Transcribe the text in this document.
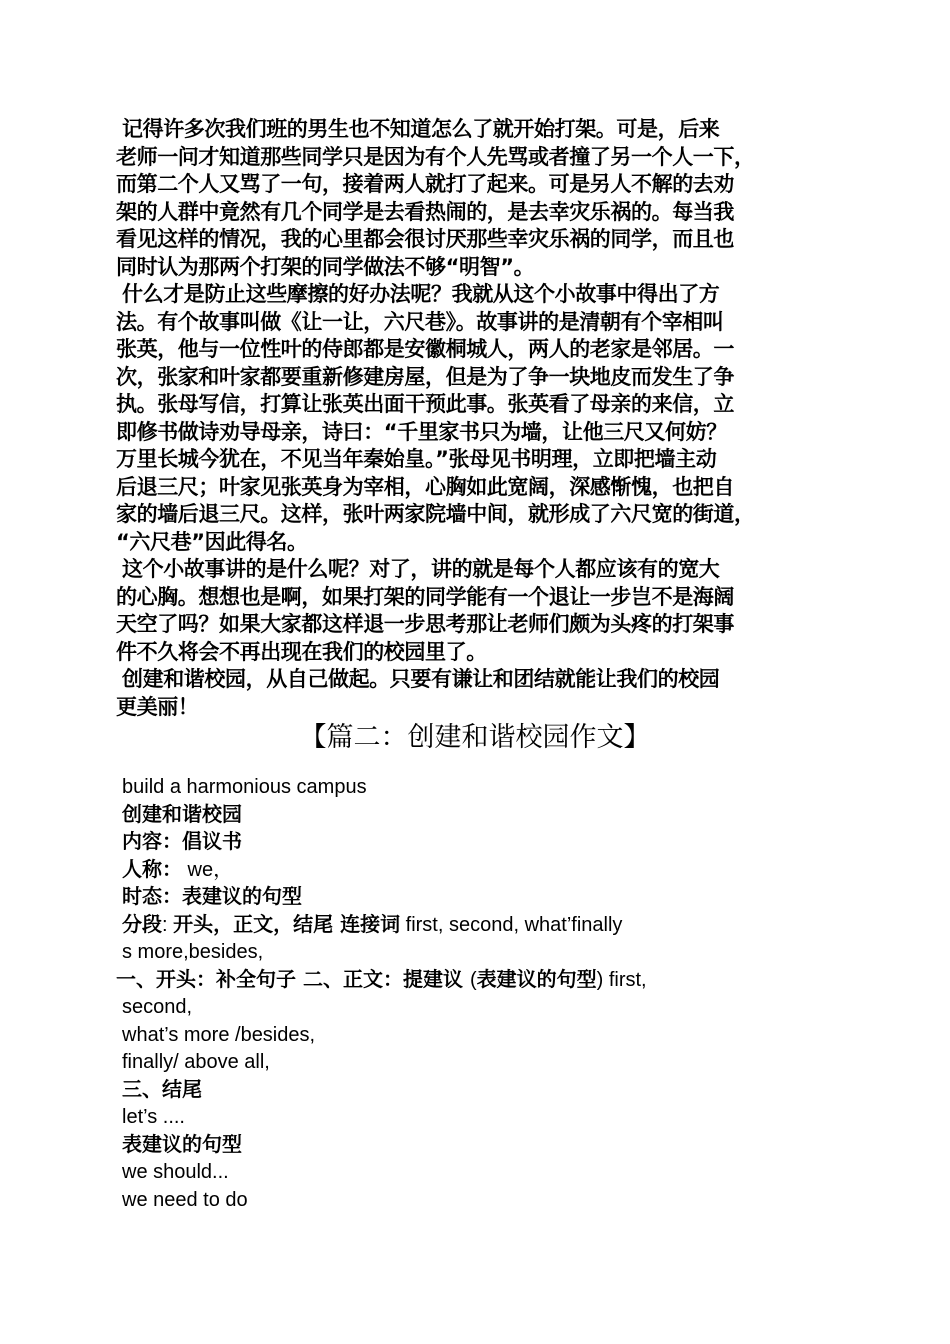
记得许多次我们班的男生也不知道怎么了就开始打架。可是，后来
老师一问才知道那些同学只是因为有个人先骂或者撞了另一个人一下，
而第二个人又骂了一句，接着两人就打了起来。可是另人不解的去劝
架的人群中竟然有几个同学是去看热闹的，是去幸灾乐祸的。每当我
看见这样的情况，我的心里都会很讨厌那些幸灾乐祸的同学，而且也
同时认为那两个打架的同学做法不够“明智”。
什么才是防止这些摩擦的好办法呢？我就从这个小故事中得出了方
法。有个故事叫做《让一让，六尺巷》。故事讲的是清朝有个宰相叫
张英，他与一位性叶的侍郎都是安徽桐城人，两人的老家是邻居。一
次，张家和叶家都要重新修建房屋，但是为了争一块地皮而发生了争
执。张母写信，打算让张英出面干预此事。张英看了母亲的来信，立
即修书做诗劝导母亲，诗曰：“千里家书只为墙，让他三尺又何妨？
万里长城今犹在，不见当年秦始皇。”张母见书明理，立即把墙主动
后退三尺；叶家见张英身为宰相，心胸如此宽阔，深感惭愧，也把自
家的墙后退三尺。这样，张叶两家院墙中间，就形成了六尺宽的街道，
“六尺巷”因此得名。
这个小故事讲的是什么呢？对了，讲的就是每个人都应该有的宽大
的心胸。想想也是啊，如果打架的同学能有一个退让一步岂不是海阔
天空了吗？如果大家都这样退一步思考那让老师们颇为头疼的打架事
件不久将会不再出现在我们的校园里了。
创建和谐校园，从自己做起。只要有谦让和团结就能让我们的校园
更美丽！
【篇二：创建和谐校园作文】
build a harmonious campus
创建和谐校园
内容：倡议书
人称： we，
时态：表建议的句型
分段: 开头，正文，结尾 连接词 first, second, what’finally
s more,besides,
一、开头：补全句子 二、正文：提建议 (表建议的句型) first,
second,
what’s more /besides,
finally/ above all,
三、结尾
let’s ....
表建议的句型
we should...
we need to do
